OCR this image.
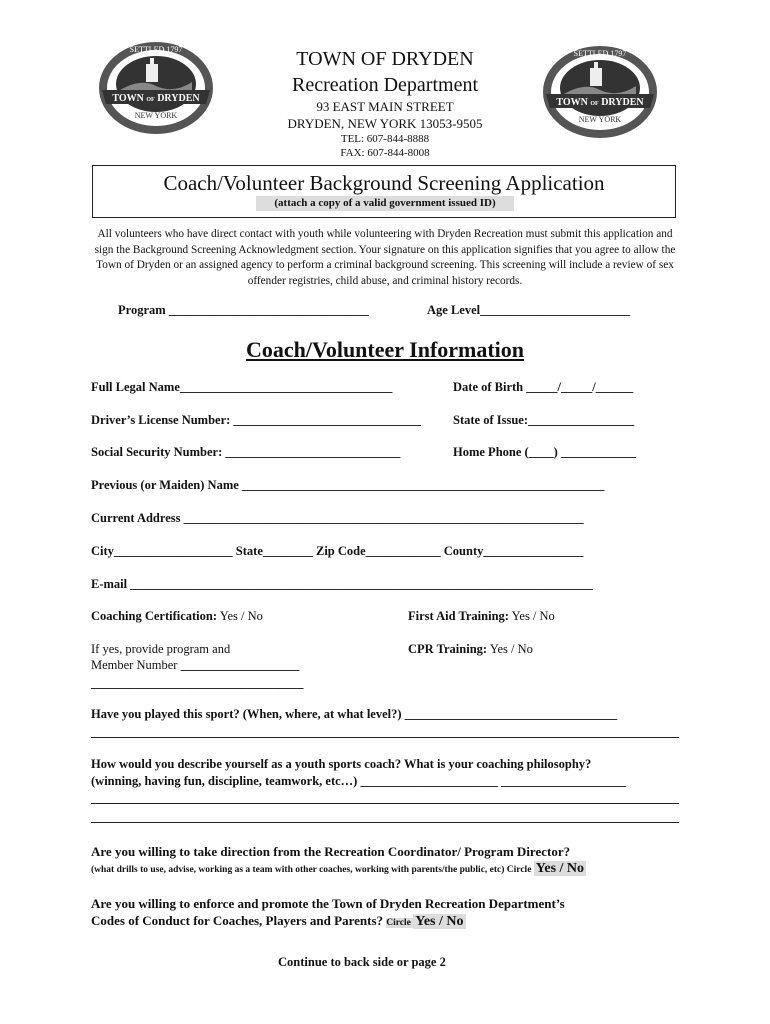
TOWN OF DRYDEN
Recreation Department
93 EAST MAIN STREET
DRYDEN, NEW YORK 13053-9505
TEL: 607-844-8888
FAX: 607-844-8008
TOWN OF DRYDEN
NEW YORK
SETTLED 1797
TOWN OF DRYDEN
NEW YORK
SETTLED 1797
Coach/Volunteer Background Screening Application
(attach a copy of a valid government issued ID)
All volunteers who have direct contact with youth while volunteering with Dryden Recreation must submit this application and sign the Background Screening Acknowledgment section. Your signature on this application signifies that you agree to allow the Town of Dryden or an assigned agency to perform a criminal background screening. This screening will include a review of sex offender registries, child abuse, and criminal history records.
Program ________________________________	Age Level________________________
Coach/Volunteer Information
Full Legal Name__________________________________	Date of Birth _____/_____/______
Driver’s License Number: ______________________________	State of Issue:_________________
Social Security Number: ____________________________	Home Phone (____) ____________
Previous (or Maiden) Name __________________________________________________________
Current Address ________________________________________________________________
City___________________ State________ Zip Code____________ County________________
E-mail __________________________________________________________________________
Coaching Certification: Yes / No	First Aid Training: Yes / No
If yes, provide program and
Member Number ___________________
__________________________________
CPR Training: Yes / No
Have you played this sport? (When, where, at what level?) __________________________________
How would you describe yourself as a youth sports coach? What is your coaching philosophy?
(winning, having fun, discipline, teamwork, etc…) ______________________ ____________________
Are you willing to take direction from the Recreation Coordinator/ Program Director?
(what drills to use, advise, working as a team with other coaches, working with parents/the public, etc) Circle Yes / No
Are you willing to enforce and promote the Town of Dryden Recreation Department’s
Codes of Conduct for Coaches, Players and Parents? Circle Yes / No
Continue to back side or page 2
